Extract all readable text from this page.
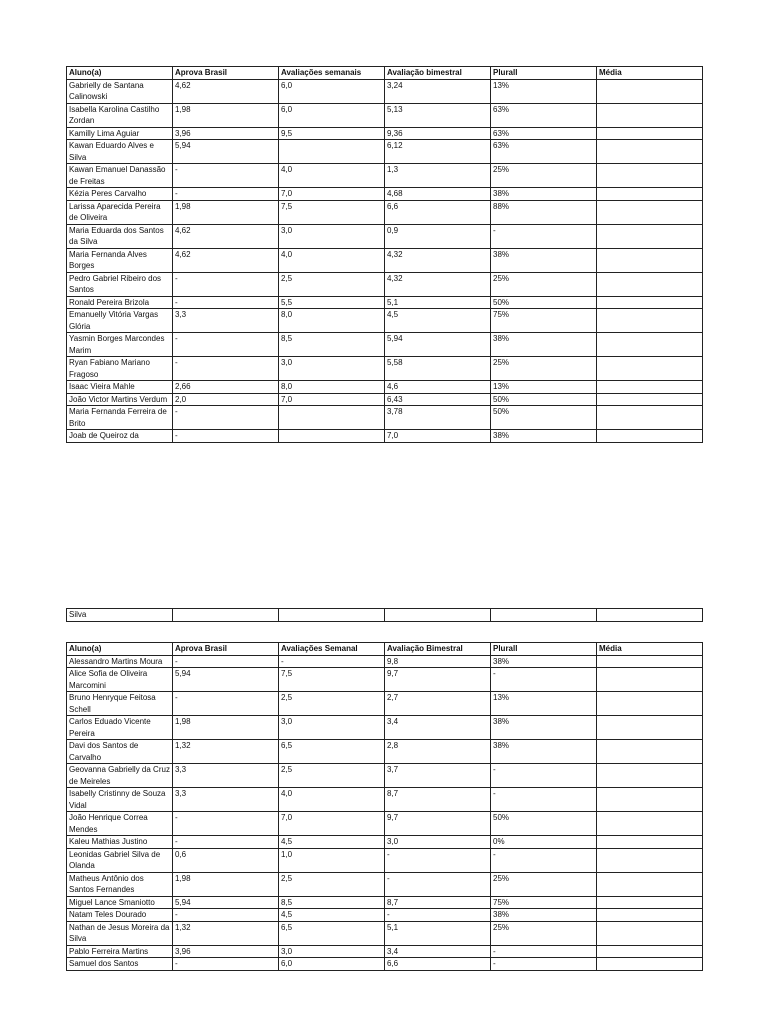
Aluno(a)	Aprova Brasil	Avaliações semanais	Avaliação bimestral	Plurall	Média
Gabrielly de Santana Calinowski	4,62	6,0	3,24	13%	
Isabella Karolina Castilho Zordan	1,98	6,0	5,13	63%	
Kamilly Lima Aguiar	3,96	9,5	9,36	63%	
Kawan Eduardo Alves e Silva	5,94		6,12	63%	
Kawan Emanuel Danassão de Freitas	-	4,0	1,3	25%	
Kézia Peres Carvalho	-	7,0	4,68	38%	
Larissa Aparecida Pereira de Oliveira	1,98	7,5	6,6	88%	
Maria Eduarda dos Santos da Silva	4,62	3,0	0,9	-	
Maria Fernanda Alves Borges	4,62	4,0	4,32	38%	
Pedro Gabriel Ribeiro dos Santos	-	2,5	4,32	25%	
Ronald Pereira Brizola	-	5,5	5,1	50%	
Emanuelly Vitória Vargas Glória	3,3	8,0	4,5	75%	
Yasmin Borges Marcondes Marim	-	8,5	5,94	38%	
Ryan Fabiano Mariano Fragoso	-	3,0	5,58	25%	
Isaac Vieira Mahle	2,66	8,0	4,6	13%	
João Victor Martins Verdum	2,0	7,0	6,43	50%	
Maria Fernanda Ferreira de Brito	-		3,78	50%	
Joab de Queiroz da	-		7,0	38%	
Silva					
Aluno(a)	Aprova Brasil	Avaliações Semanal	Avaliação Bimestral	Plurall	Média
Alessandro Martins Moura	-	-	9,8	38%	
Alice Sofia de Oliveira Marcomini	5,94	7,5	9,7	-	
Bruno Henryque Feitosa Schell	-	2,5	2,7	13%	
Carlos Eduado Vicente Pereira	1,98	3,0	3,4	38%	
Davi dos Santos de Carvalho	1,32	6,5	2,8	38%	
Geovanna Gabrielly da Cruz de Meireles	3,3	2,5	3,7	-	
Isabelly Cristinny de Souza Vidal	3,3	4,0	8,7	-	
João Henrique Correa Mendes	-	7,0	9,7	50%	
Kaleu Mathias Justino	-	4,5	3,0	0%	
Leonidas Gabriel Silva de Olanda	0,6	1,0	-	-	
Matheus Antônio dos Santos Fernandes	1,98	2,5	-	25%	
Miguel Lance Smaniotto	5,94	8,5	8,7	75%	
Natam Teles Dourado	-	4,5	-	38%	
Nathan de Jesus Moreira da Silva	1,32	6,5	5,1	25%	
Pablo Ferreira Martins	3,96	3,0	3,4	-	
Samuel dos Santos	-	6,0	6,6	-	
